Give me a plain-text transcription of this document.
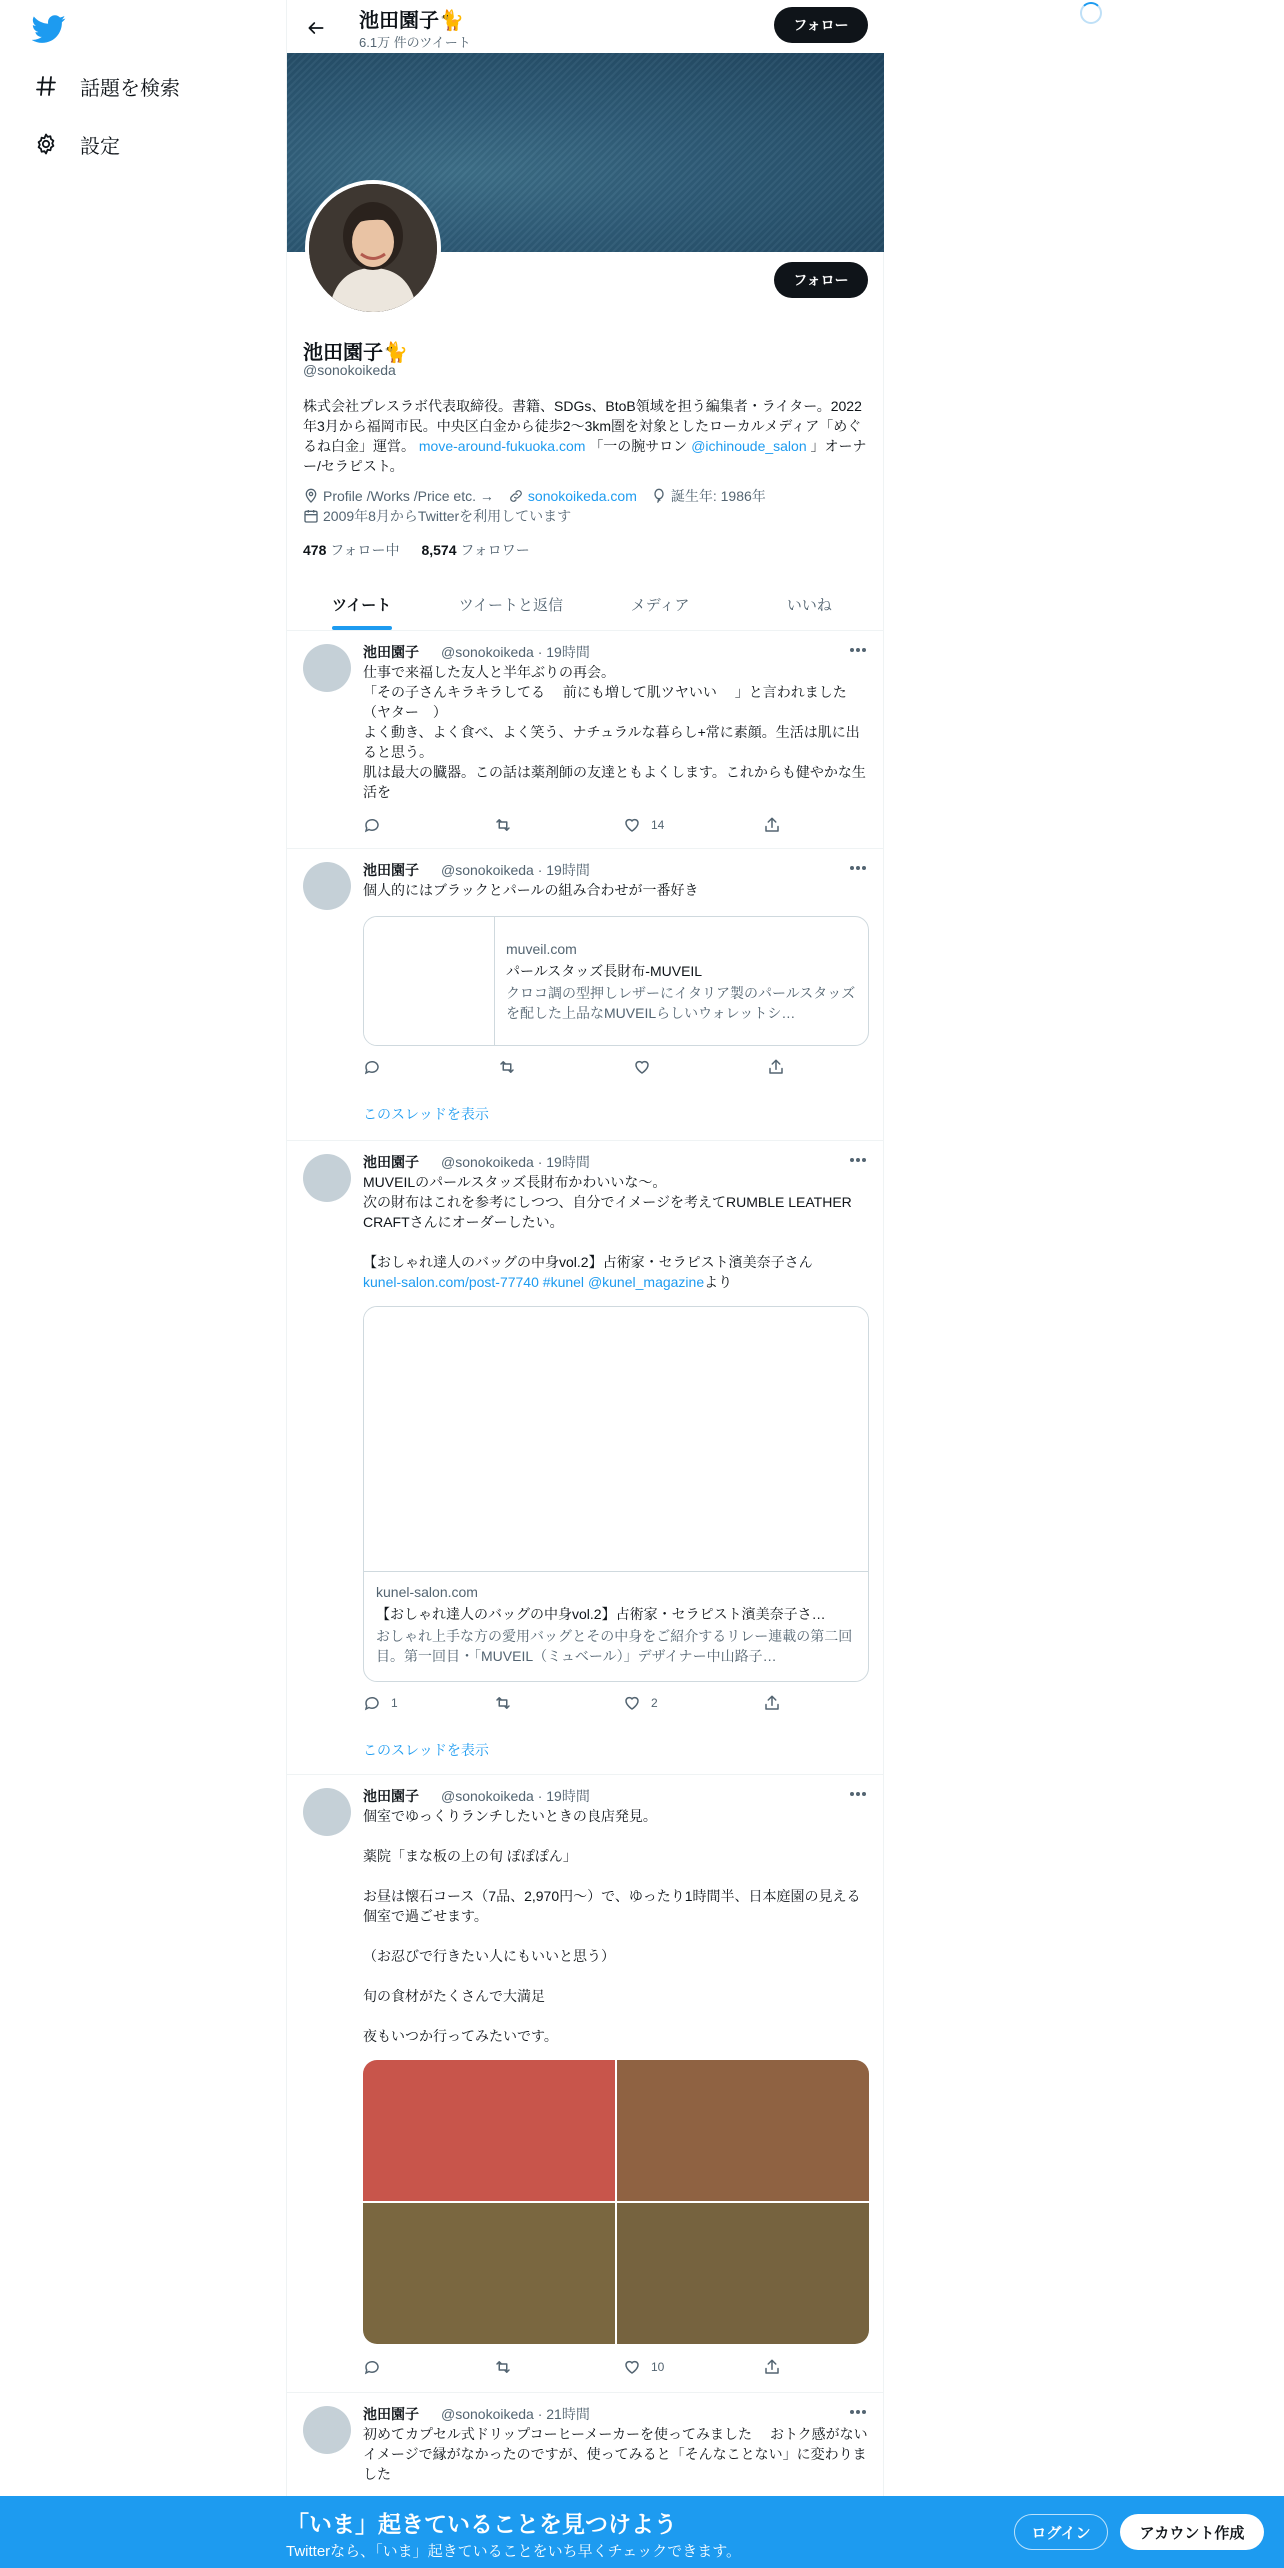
話題を検索
設定
池田園子🐈
6.1万 件のツイート
フォロー
フォロー
池田園子🐈
@sonokoikeda
株式会社プレスラボ代表取締役。書籍、SDGs、BtoB領域を担う編集者・ライター。2022年3月から福岡市民。中央区白金から徒歩2〜3km圏を対象としたローカルメディア「めぐるね白金」運営。 move-around-fukuoka.com 「一の腕サロン @ichinoude_salon 」オーナー/セラピスト。
Profile /Works /Price etc. → sonokoikeda.com 誕生年: 1986年
2009年8月からTwitterを利用しています
478 フォロー中 8,574 フォロワー
ツイート	ツイートと返信	メディア	いいね
池田園子 @sonokoikeda · 19時間
仕事で来福した友人と半年ぶりの再会。
「その子さんキラキラしてる　 前にも増して肌ツヤいい　 」と言われました（ヤター　）
よく動き、よく食べ、よく笑う、ナチュラルな暮らし+常に素顔。生活は肌に出ると思う。
肌は最大の臓器。この話は薬剤師の友達ともよくします。これからも健やかな生活を
14
池田園子 @sonokoikeda · 19時間
個人的にはブラックとパールの組み合わせが一番好き
muveil.com
パールスタッズ長財布-MUVEIL
クロコ調の型押しレザーにイタリア製のパールスタッズを配した上品なMUVEILらしいウォレットシ…
このスレッドを表示
池田園子 @sonokoikeda · 19時間
MUVEILのパールスタッズ長財布かわいいな〜。
次の財布はこれを参考にしつつ、自分でイメージを考えてRUMBLE LEATHER CRAFTさんにオーダーしたい。

【おしゃれ達人のバッグの中身vol.2】占術家・セラピスト濱美奈子さん
kunel-salon.com/post-77740 #kunel @kunel_magazineより
kunel-salon.com
【おしゃれ達人のバッグの中身vol.2】占術家・セラピスト濱美奈子さ…
おしゃれ上手な方の愛用バッグとその中身をご紹介するリレー連載の第二回目。第一回目・「MUVEIL（ミュベール）」デザイナー中山路子…
1	2
このスレッドを表示
池田園子 @sonokoikeda · 19時間
個室でゆっくりランチしたいときの良店発見。

薬院「まな板の上の旬 ぽぽぽん」

お昼は懐石コース（7品、2,970円〜）で、ゆったり1時間半、日本庭園の見える個室で過ごせます。

（お忍びで行きたい人にもいいと思う）

旬の食材がたくさんで大満足

夜もいつか行ってみたいです。
10
池田園子 @sonokoikeda · 21時間
初めてカプセル式ドリップコーヒーメーカーを使ってみました　 おトク感がないイメージで縁がなかったのですが、使ってみると「そんなことない」に変わりました
「いま」起きていることを見つけよう
Twitterなら、「いま」起きていることをいち早くチェックできます。
ログイン	アカウント作成
